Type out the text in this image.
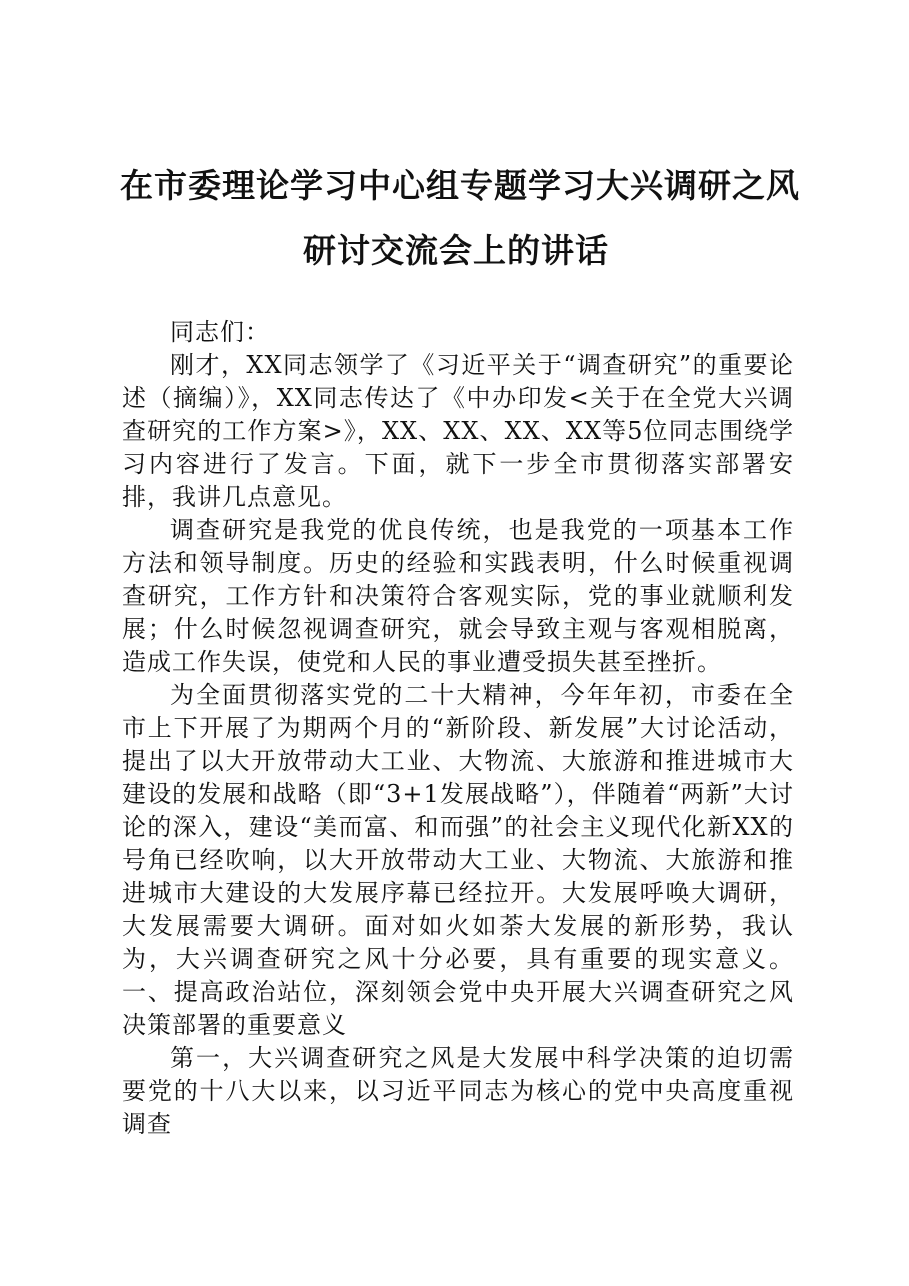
在市委理论学习中心组专题学习大兴调研之风
研讨交流会上的讲话

同志们：

刚才，XX同志领学了《习近平关于“调查研究”的重要论述（摘编）》，XX同志传达了《中办印发<关于在全党大兴调查研究的工作方案>》，XX、XX、XX、XX等5位同志围绕学习内容进行了发言。下面，就下一步全市贯彻落实部署安排，我讲几点意见。

调查研究是我党的优良传统，也是我党的一项基本工作方法和领导制度。历史的经验和实践表明，什么时候重视调查研究，工作方针和决策符合客观实际，党的事业就顺利发展；什么时候忽视调查研究，就会导致主观与客观相脱离，造成工作失误，使党和人民的事业遭受损失甚至挫折。

为全面贯彻落实党的二十大精神，今年年初，市委在全市上下开展了为期两个月的“新阶段、新发展”大讨论活动，提出了以大开放带动大工业、大物流、大旅游和推进城市大建设的发展和战略（即“3+1发展战略”），伴随着“两新”大讨论的深入，建设“美而富、和而强”的社会主义现代化新XX的号角已经吹响，以大开放带动大工业、大物流、大旅游和推进城市大建设的大发展序幕已经拉开。大发展呼唤大调研，大发展需要大调研。面对如火如荼大发展的新形势，我认为，大兴调查研究之风十分必要，具有重要的现实意义。一、提高政治站位，深刻领会党中央开展大兴调查研究之风决策部署的重要意义

第一，大兴调查研究之风是大发展中科学决策的迫切需要党的十八大以来，以习近平同志为核心的党中央高度重视调查
